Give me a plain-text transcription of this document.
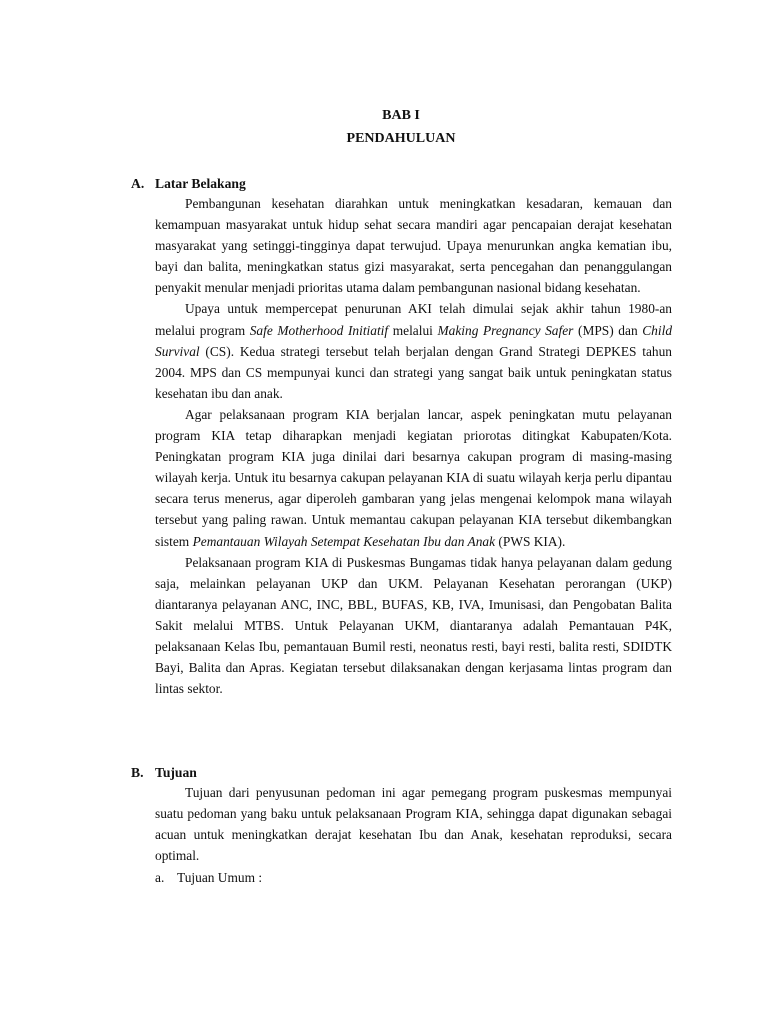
BAB I
PENDAHULUAN
A. Latar Belakang

Pembangunan kesehatan diarahkan untuk meningkatkan kesadaran, kemauan dan kemampuan masyarakat untuk hidup sehat secara mandiri agar pencapaian derajat kesehatan masyarakat yang setinggi-tingginya dapat terwujud. Upaya menurunkan angka kematian ibu, bayi dan balita, meningkatkan status gizi masyarakat, serta pencegahan dan penanggulangan penyakit menular menjadi prioritas utama dalam pembangunan nasional bidang kesehatan.

Upaya untuk mempercepat penurunan AKI telah dimulai sejak akhir tahun 1980-an melalui program Safe Motherhood Initiatif melalui Making Pregnancy Safer (MPS) dan Child Survival (CS). Kedua strategi tersebut telah berjalan dengan Grand Strategi DEPKES tahun 2004. MPS dan CS mempunyai kunci dan strategi yang sangat baik untuk peningkatan status kesehatan ibu dan anak.

Agar pelaksanaan program KIA berjalan lancar, aspek peningkatan mutu pelayanan program KIA tetap diharapkan menjadi kegiatan priorotas ditingkat Kabupaten/Kota. Peningkatan program KIA juga dinilai dari besarnya cakupan program di masing-masing wilayah kerja. Untuk itu besarnya cakupan pelayanan KIA di suatu wilayah kerja perlu dipantau secara terus menerus, agar diperoleh gambaran yang jelas mengenai kelompok mana wilayah tersebut yang paling rawan. Untuk memantau cakupan pelayanan KIA tersebut dikembangkan sistem Pemantauan Wilayah Setempat Kesehatan Ibu dan Anak (PWS KIA).

Pelaksanaan program KIA di Puskesmas Bungamas tidak hanya pelayanan dalam gedung saja, melainkan pelayanan UKP dan UKM. Pelayanan Kesehatan perorangan (UKP) diantaranya pelayanan ANC, INC, BBL, BUFAS, KB, IVA, Imunisasi, dan Pengobatan Balita Sakit melalui MTBS. Untuk Pelayanan UKM, diantaranya adalah Pemantauan P4K, pelaksanaan Kelas Ibu, pemantauan Bumil resti, neonatus resti, bayi resti, balita resti, SDIDTK Bayi, Balita dan Apras. Kegiatan tersebut dilaksanakan dengan kerjasama lintas program dan lintas sektor.

B. Tujuan

Tujuan dari penyusunan pedoman ini agar pemegang program puskesmas mempunyai suatu pedoman yang baku untuk pelaksanaan Program KIA, sehingga dapat digunakan sebagai acuan untuk meningkatkan derajat kesehatan Ibu dan Anak, kesehatan reproduksi, secara optimal.

a. Tujuan Umum :
